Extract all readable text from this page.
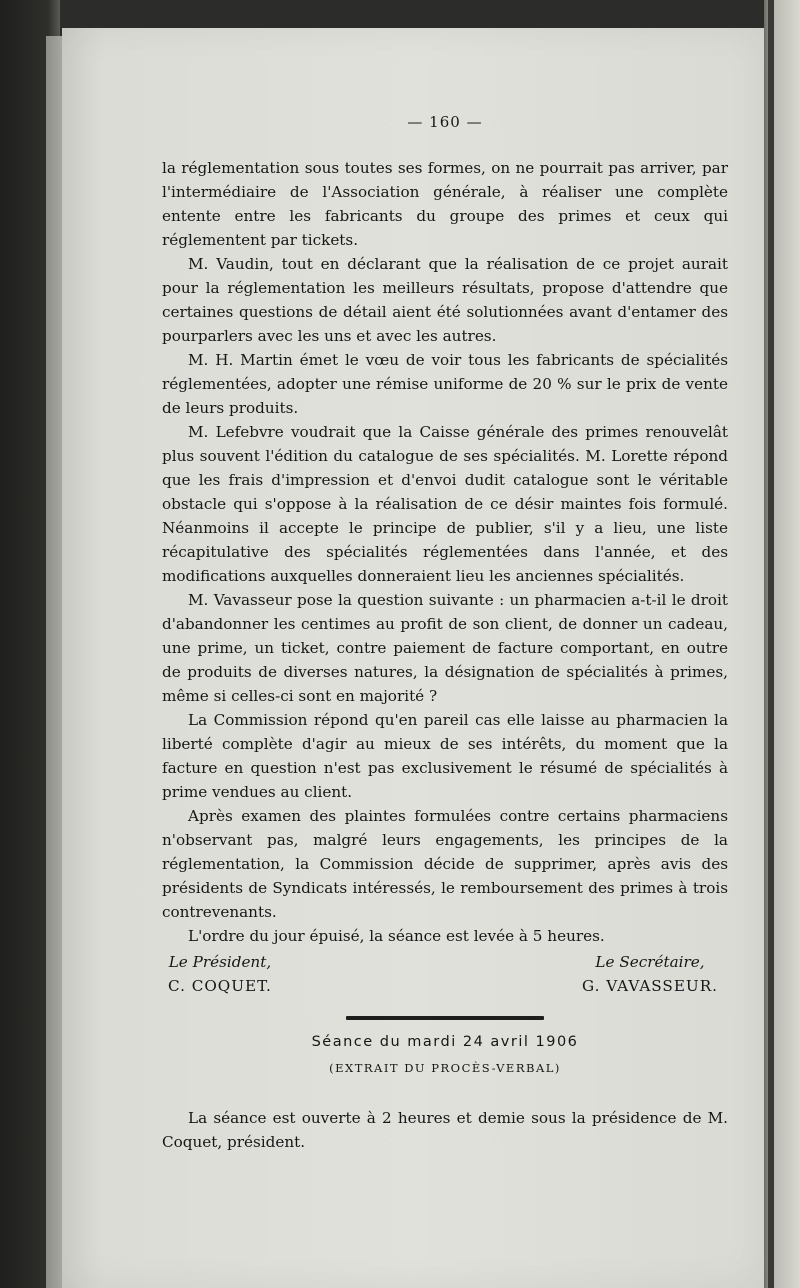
— 160 —

la réglementation sous toutes ses formes, on ne pourrait pas arriver, par l'intermédiaire de l'Association générale, à réaliser une complète entente entre les fabricants du groupe des primes et ceux qui réglementent par tickets.

M. Vaudin, tout en déclarant que la réalisation de ce projet aurait pour la réglementation les meilleurs résultats, propose d'attendre que certaines questions de détail aient été solutionnées avant d'entamer des pourparlers avec les uns et avec les autres.

M. H. Martin émet le vœu de voir tous les fabricants de spécialités réglementées, adopter une rémise uniforme de 20 % sur le prix de vente de leurs produits.

M. Lefebvre voudrait que la Caisse générale des primes renouvelât plus souvent l'édition du catalogue de ses spécialités. M. Lorette répond que les frais d'impression et d'envoi dudit catalogue sont le véritable obstacle qui s'oppose à la réalisation de ce désir maintes fois formulé. Néanmoins il accepte le principe de publier, s'il y a lieu, une liste récapitulative des spécialités réglementées dans l'année, et des modifications auxquelles donneraient lieu les anciennes spécialités.

M. Vavasseur pose la question suivante : un pharmacien a-t-il le droit d'abandonner les centimes au profit de son client, de donner un cadeau, une prime, un ticket, contre paiement de facture comportant, en outre de produits de diverses natures, la désignation de spécialités à primes, même si celles-ci sont en majorité ?

La Commission répond qu'en pareil cas elle laisse au pharmacien la liberté complète d'agir au mieux de ses intérêts, du moment que la facture en question n'est pas exclusivement le résumé de spécialités à prime vendues au client.

Après examen des plaintes formulées contre certains pharmaciens n'observant pas, malgré leurs engagements, les principes de la réglementation, la Commission décide de supprimer, après avis des présidents de Syndicats intéressés, le remboursement des primes à trois contrevenants.

L'ordre du jour épuisé, la séance est levée à 5 heures.

Le Président,
C. COQUET.
Le Secrétaire,
G. VAVASSEUR.
Séance du mardi 24 avril 1906
(EXTRAIT DU PROCÈS-VERBAL)

La séance est ouverte à 2 heures et demie sous la présidence de M. Coquet, président.
